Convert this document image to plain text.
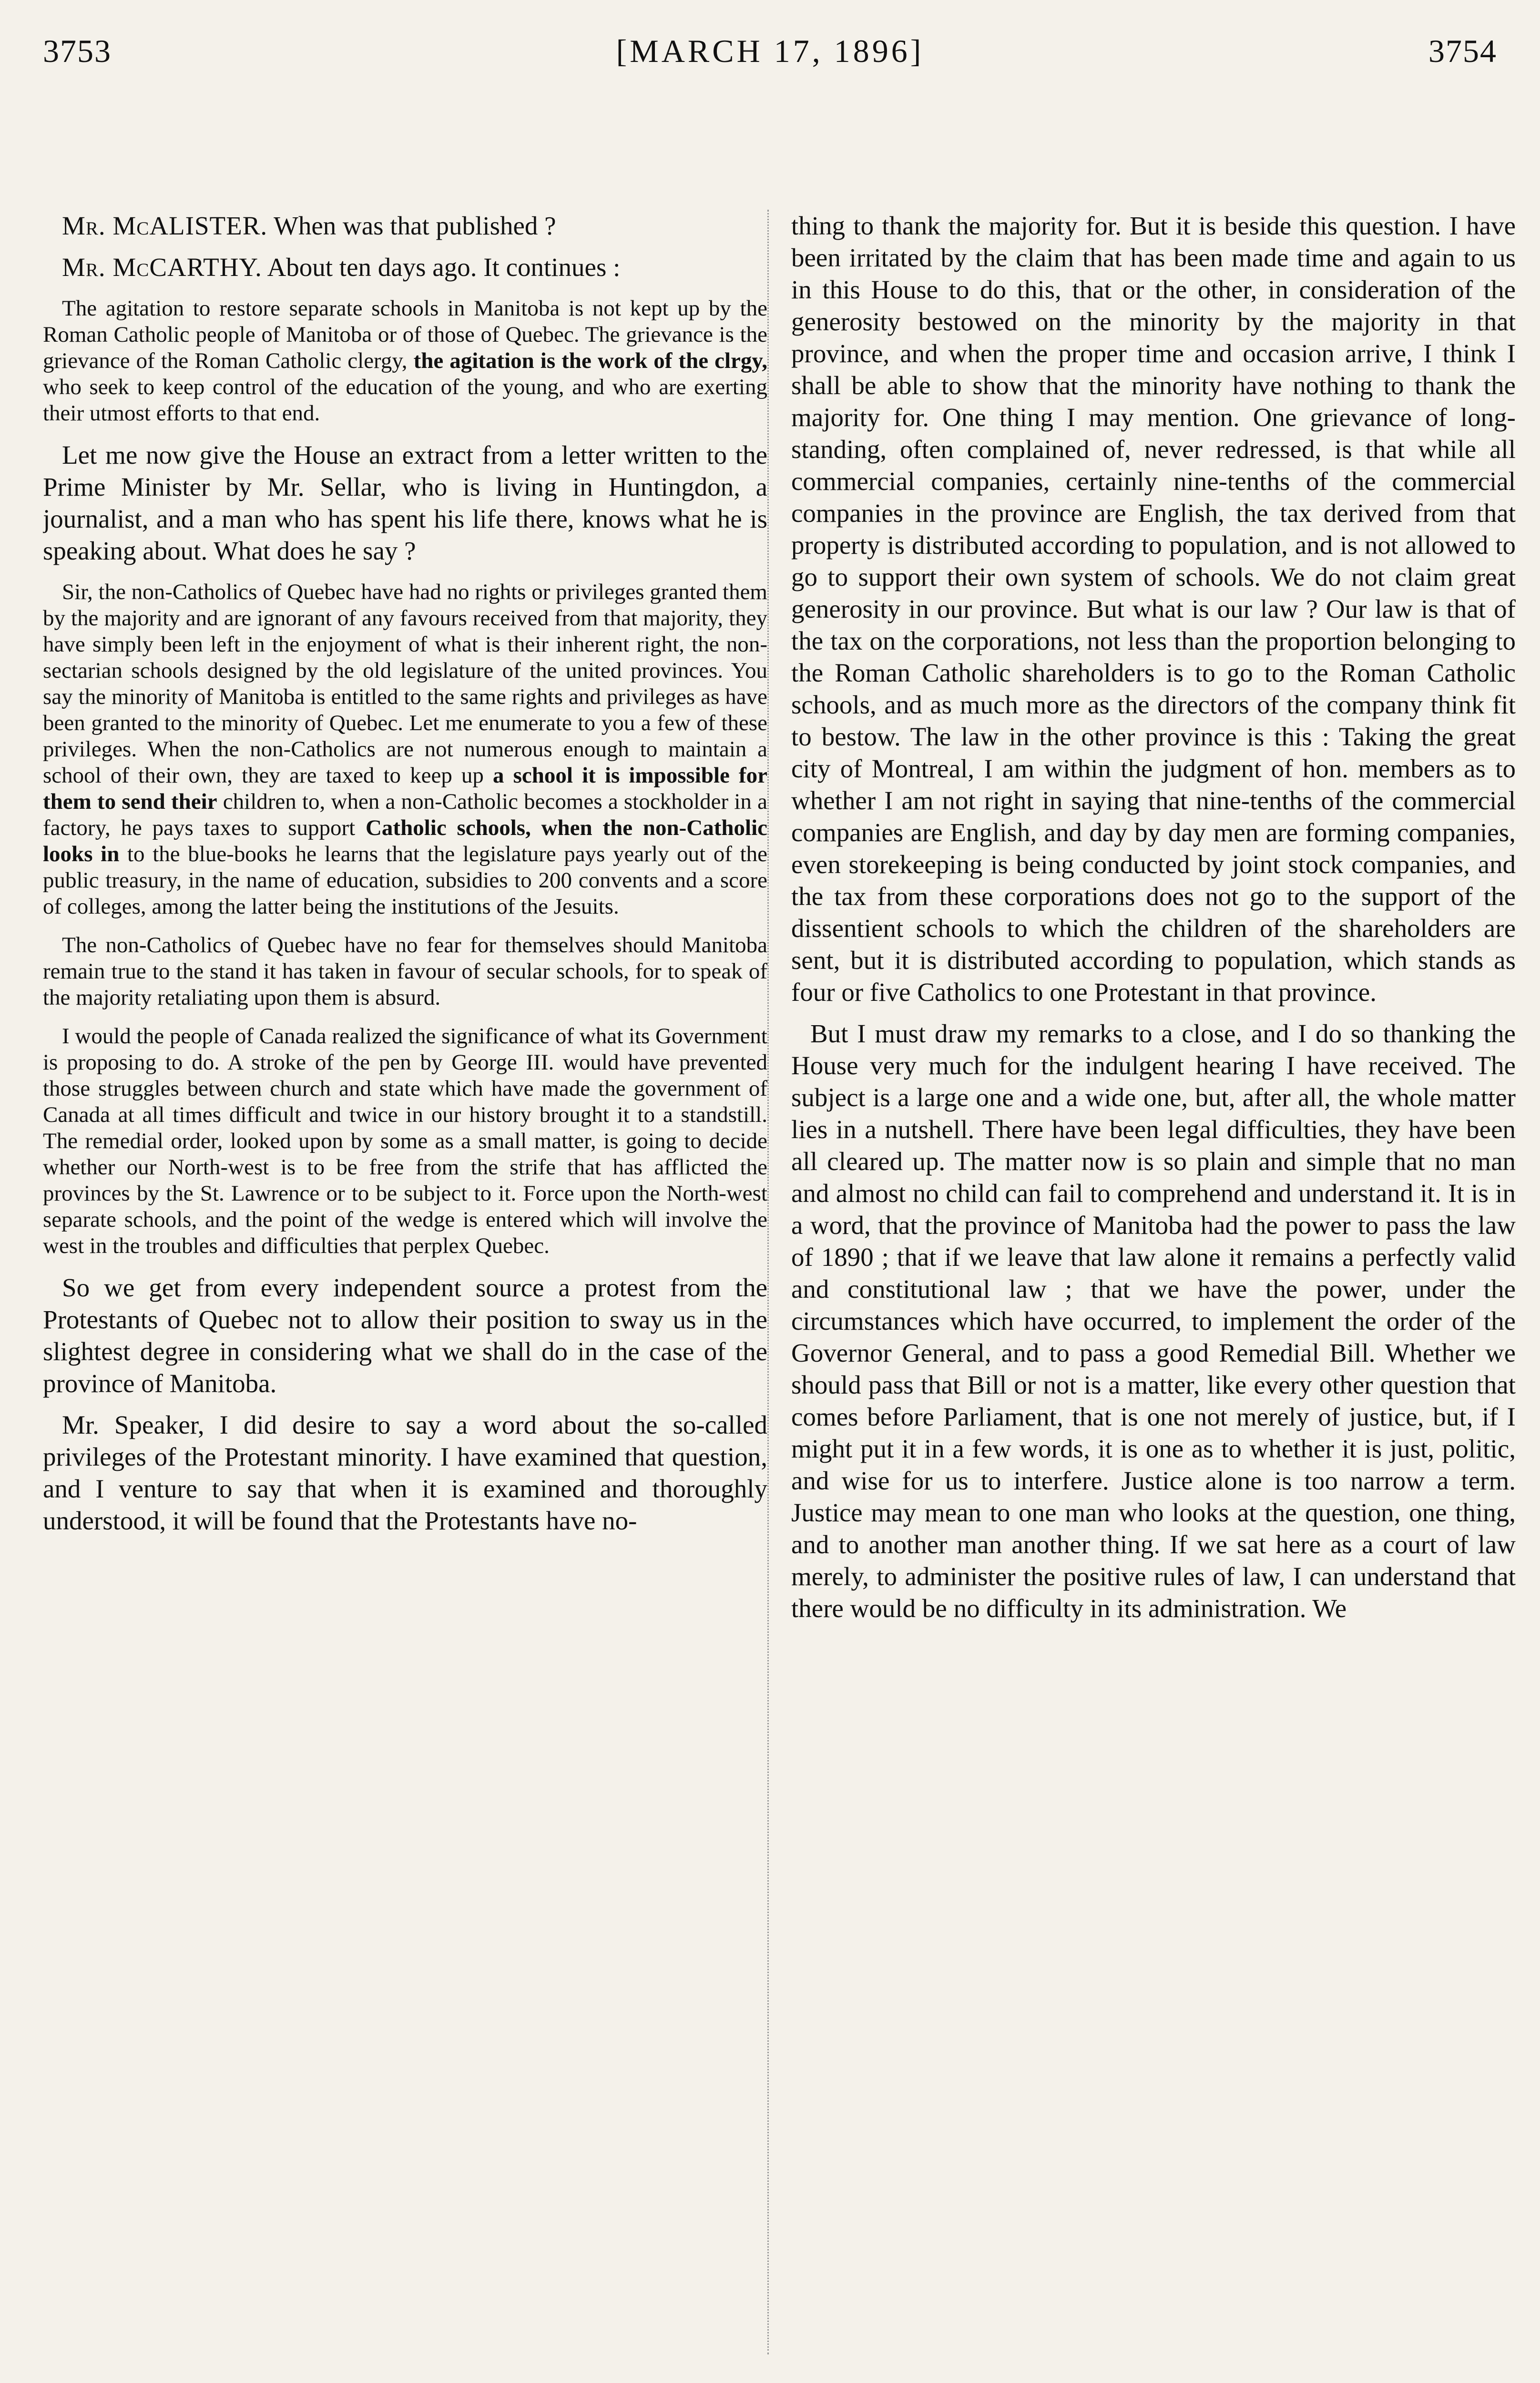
3753	[MARCH 17, 1896]	3754

Mr. McALISTER. When was that published ?

Mr. McCARTHY. About ten days ago. It continues :

The agitation to restore separate schools in Manitoba is not kept up by the Roman Catholic people of Manitoba or of those of Quebec. The grievance is the grievance of the Roman Catholic clergy, the agitation is the work of the clrgy, who seek to keep control of the education of the young, and who are exerting their utmost efforts to that end.

Let me now give the House an extract from a letter written to the Prime Minister by Mr. Sellar, who is living in Huntingdon, a journalist, and a man who has spent his life there, knows what he is speaking about. What does he say ?

Sir, the non-Catholics of Quebec have had no rights or privileges granted them by the majority and are ignorant of any favours received from that majority, they have simply been left in the enjoyment of what is their inherent right, the non-sectarian schools designed by the old legislature of the united provinces. You say the minority of Manitoba is entitled to the same rights and privileges as have been granted to the minority of Quebec. Let me enumerate to you a few of these privileges. When the non-Catholics are not numerous enough to maintain a school of their own, they are taxed to keep up a school it is impossible for them to send their children to, when a non-Catholic becomes a stockholder in a factory, he pays taxes to support Catholic schools, when the non-Catholic looks in to the blue-books he learns that the legislature pays yearly out of the public treasury, in the name of education, subsidies to 200 convents and a score of colleges, among the latter being the institutions of the Jesuits.

The non-Catholics of Quebec have no fear for themselves should Manitoba remain true to the stand it has taken in favour of secular schools, for to speak of the majority retaliating upon them is absurd.

I would the people of Canada realized the significance of what its Government is proposing to do. A stroke of the pen by George III. would have prevented those struggles between church and state which have made the government of Canada at all times difficult and twice in our history brought it to a standstill. The remedial order, looked upon by some as a small matter, is going to decide whether our North-west is to be free from the strife that has afflicted the provinces by the St. Lawrence or to be subject to it. Force upon the North-west separate schools, and the point of the wedge is entered which will involve the west in the troubles and difficulties that perplex Quebec.

So we get from every independent source a protest from the Protestants of Quebec not to allow their position to sway us in the slightest degree in considering what we shall do in the case of the province of Manitoba.

Mr. Speaker, I did desire to say a word about the so-called privileges of the Protestant minority. I have examined that question, and I venture to say that when it is examined and thoroughly understood, it will be found that the Protestants have no-

thing to thank the majority for. But it is beside this question. I have been irritated by the claim that has been made time and again to us in this House to do this, that or the other, in consideration of the generosity bestowed on the minority by the majority in that province, and when the proper time and occasion arrive, I think I shall be able to show that the minority have nothing to thank the majority for. One thing I may mention. One grievance of long-standing, often complained of, never redressed, is that while all commercial companies, certainly nine-tenths of the commercial companies in the province are English, the tax derived from that property is distributed according to population, and is not allowed to go to support their own system of schools. We do not claim great generosity in our province. But what is our law ? Our law is that of the tax on the corporations, not less than the proportion belonging to the Roman Catholic shareholders is to go to the Roman Catholic schools, and as much more as the directors of the company think fit to bestow. The law in the other province is this : Taking the great city of Montreal, I am within the judgment of hon. members as to whether I am not right in saying that nine-tenths of the commercial companies are English, and day by day men are forming companies, even storekeeping is being conducted by joint stock companies, and the tax from these corporations does not go to the support of the dissentient schools to which the children of the shareholders are sent, but it is distributed according to population, which stands as four or five Catholics to one Protestant in that province.

But I must draw my remarks to a close, and I do so thanking the House very much for the indulgent hearing I have received. The subject is a large one and a wide one, but, after all, the whole matter lies in a nutshell. There have been legal difficulties, they have been all cleared up. The matter now is so plain and simple that no man and almost no child can fail to comprehend and understand it. It is in a word, that the province of Manitoba had the power to pass the law of 1890 ; that if we leave that law alone it remains a perfectly valid and constitutional law ; that we have the power, under the circumstances which have occurred, to implement the order of the Governor General, and to pass a good Remedial Bill. Whether we should pass that Bill or not is a matter, like every other question that comes before Parliament, that is one not merely of justice, but, if I might put it in a few words, it is one as to whether it is just, politic, and wise for us to interfere. Justice alone is too narrow a term. Justice may mean to one man who looks at the question, one thing, and to another man another thing. If we sat here as a court of law merely, to administer the positive rules of law, I can understand that there would be no difficulty in its administration. We
